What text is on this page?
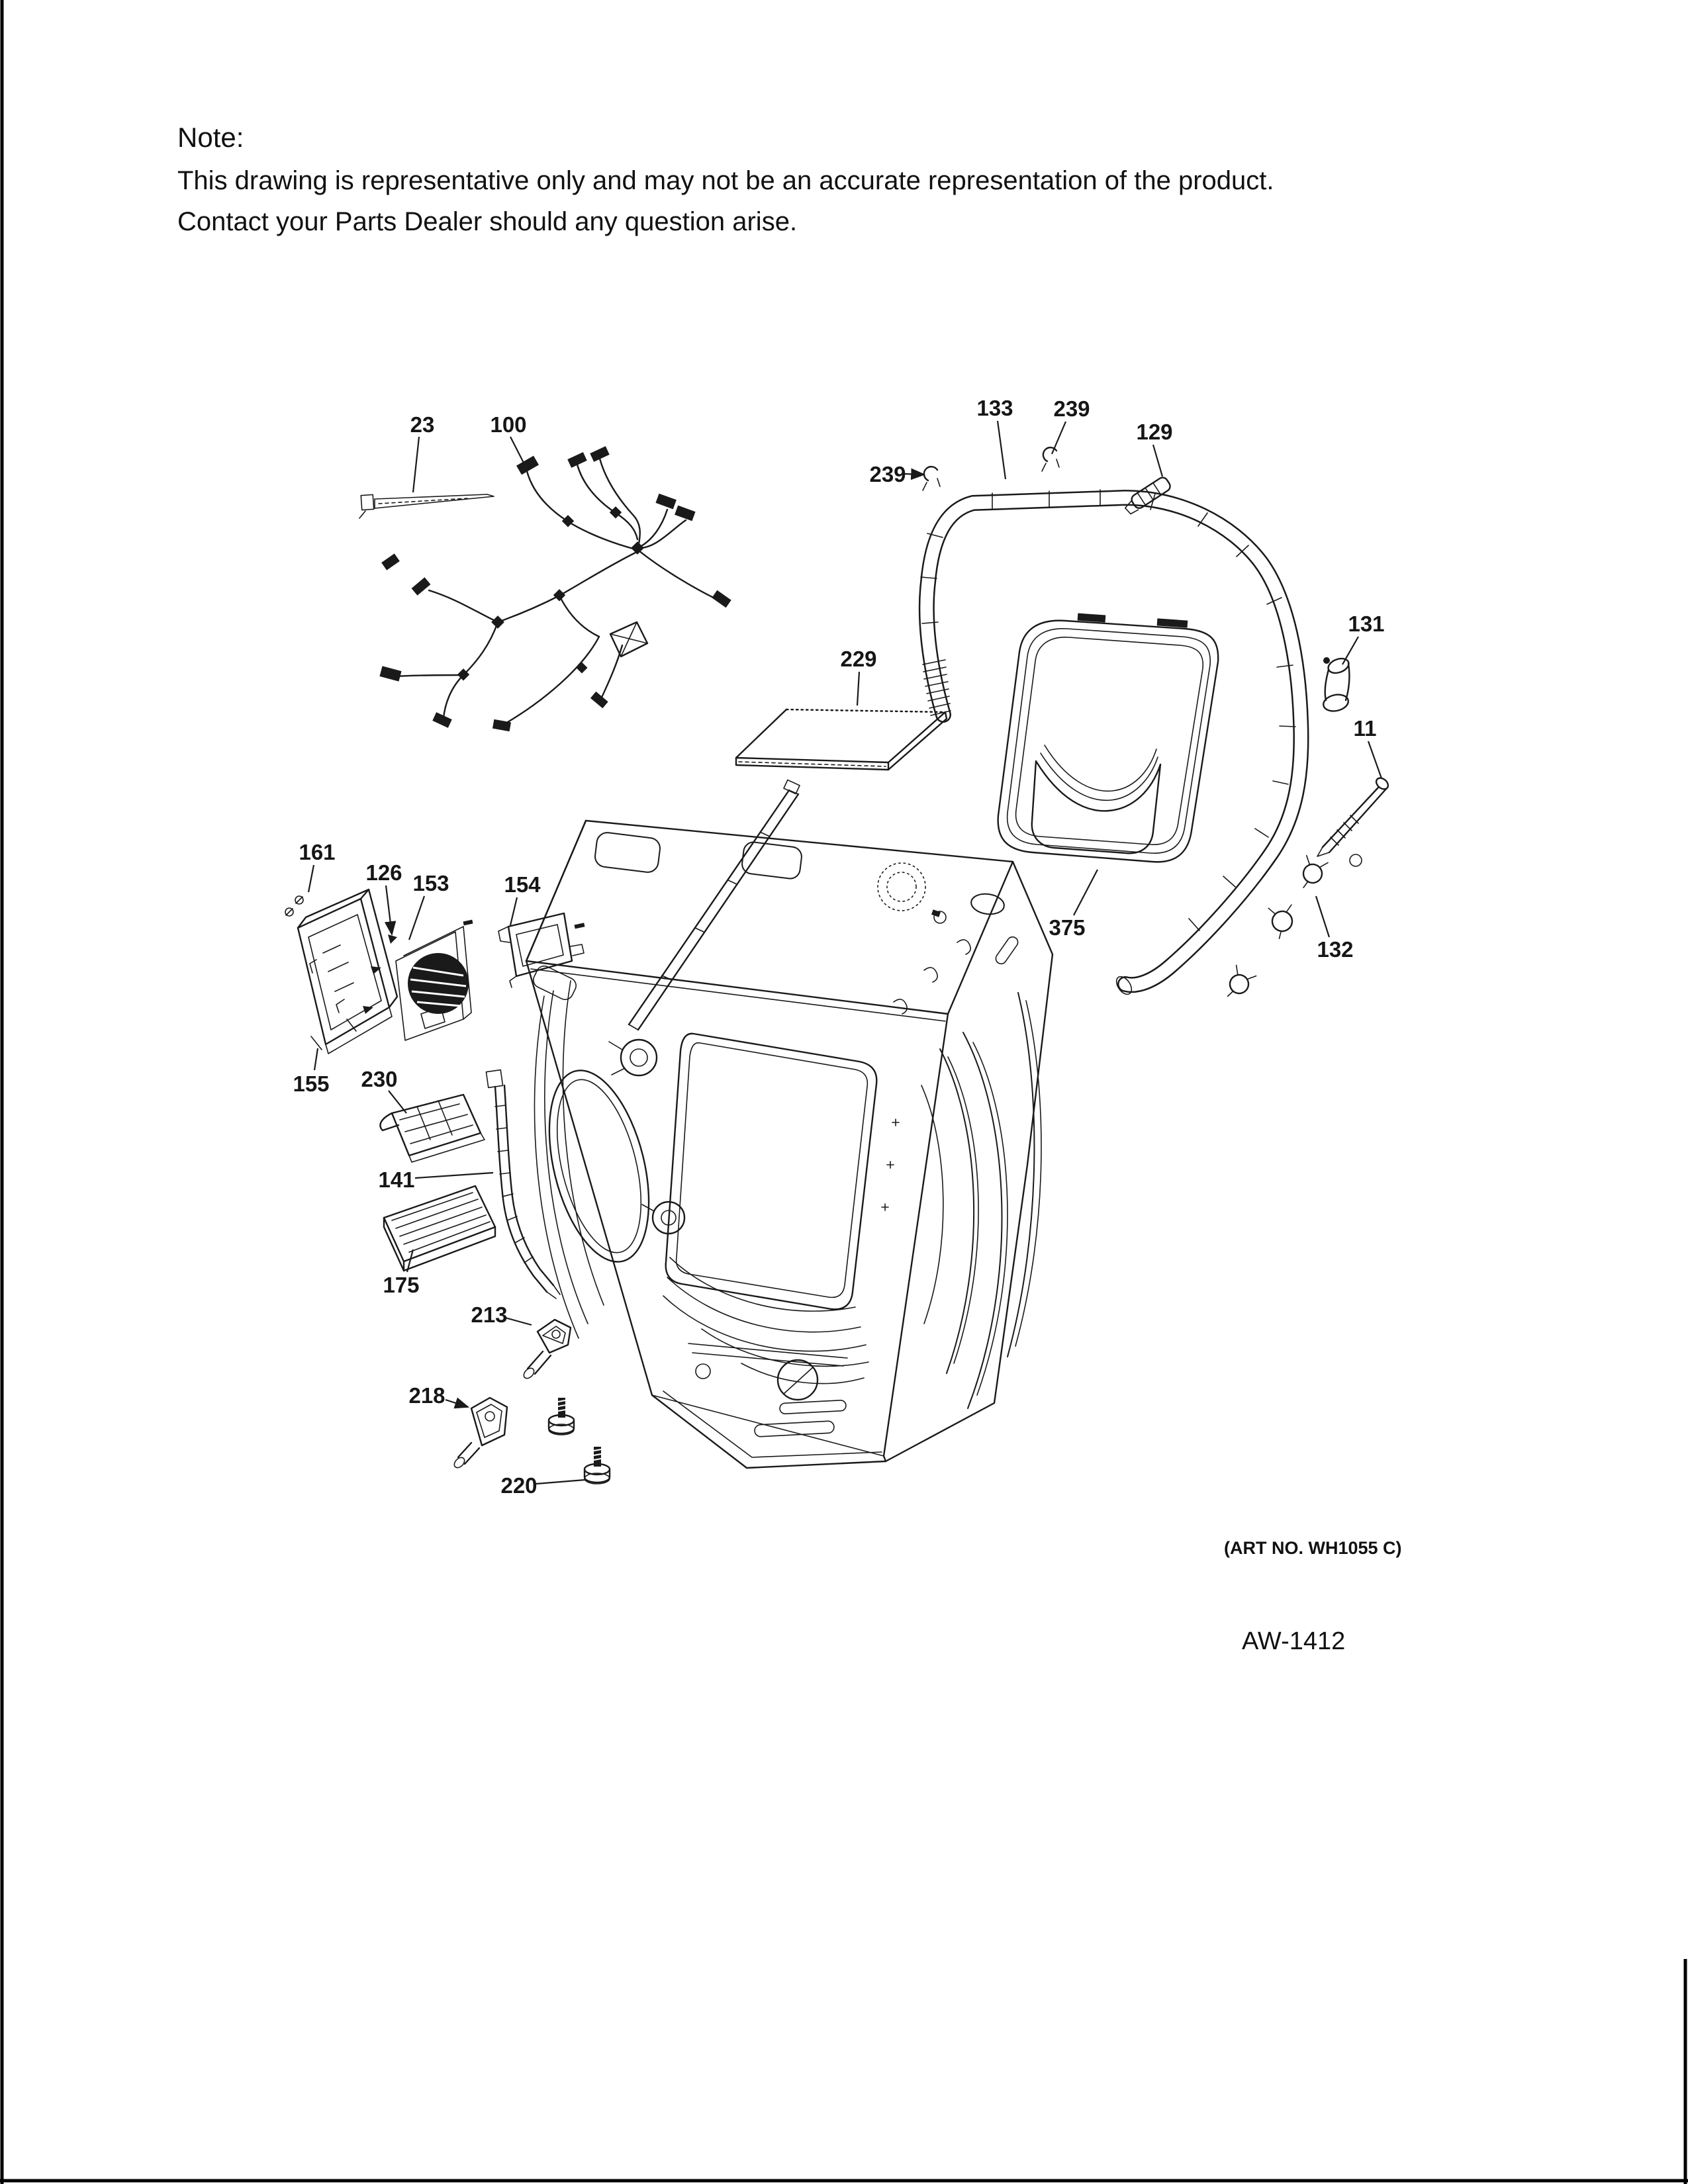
Note:
This drawing is representative only and may not be an accurate representation of the product.
Contact your Parts Dealer should any question arise.
23	100
133 239
129
239
131
11
229
375
132
161
126 153	154
155 230
141
175
213
218
220
(ART NO. WH1055 C)
AW-1412
